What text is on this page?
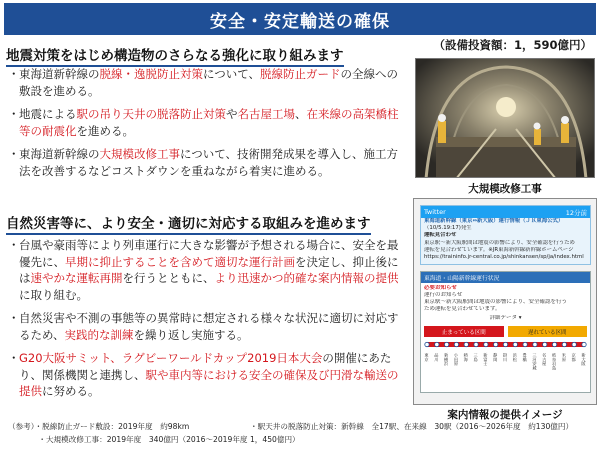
安全・安定輸送の確保
（設備投資額：1，590億円）
地震対策をはじめ構造物のさらなる強化に取り組みます
・ 東海道新幹線の脱線・逸脱防止対策について、脱線防止ガードの全線への敷設を進める。
・ 地震による駅の吊り天井の脱落防止対策や名古屋工場、在来線の高架橋柱等の耐震化を進める。
・ 東海道新幹線の大規模改修工事について、技術開発成果を導入し、施工方法を改善するなどコストダウンを重ねながら着実に進める。
自然災害等に、より安全・適切に対応する取組みを進めます
・ 台風や豪雨等により列車運行に大きな影響が予想される場合に、安全を最優先に、早期に抑止することを含めて適切な運行計画を決定し、抑止後には速やかな運転再開を行うとともに、より迅速かつ的確な案内情報の提供に取り組む。
・ 自然災害や不測の事態等の異常時に想定される様々な状況に適切に対応するため、実践的な訓練を繰り返し実施する。
・ G20大阪サミット、ラグビーワールドカップ2019日本大会の開催にあたり、関係機関と連携し、駅や車内等における安全の確保及び円滑な輸送の提供に努める。
大規模改修工事
Twitter	12分前
東海道新幹線（東京⇔新大阪）運行情報（ＪＲ東海公式）
（10/5.19:17)発生
運転見合わせ
東京駅〜新大阪駅間は地震の影響により、安全確認を行うため
運転を見合わせています。※JR東海新幹線新幹線ホームページ
https://traininfo.jr-central.co.jp/shinkansen/sp/ja/index.html
東海道・山陽新幹線運行状況
必要お知らせ
運行のお知らせ
東京駅〜新大阪駅間は地震の影響により、安全確認を行う
ため運転を見合わせています。
詳細データ ▾
止まっている区間	遅れている区間
東京 品川 新横浜 小田原 熱海 三島 新富士 静岡 掛川 浜松 豊橋 三河安城 名古屋 岐阜羽島 米原 京都 新大阪
案内情報の提供イメージ
（参考）・脱線防止ガード敷設：2019年度　約98km　　　　　　　　・駅天井の脱落防止対策：新幹線　全17駅、在来線　30駅（2016〜2026年度　約130億円）
　　　　・大規模改修工事：2019年度　340億円（2016〜2019年度 1，450億円）
